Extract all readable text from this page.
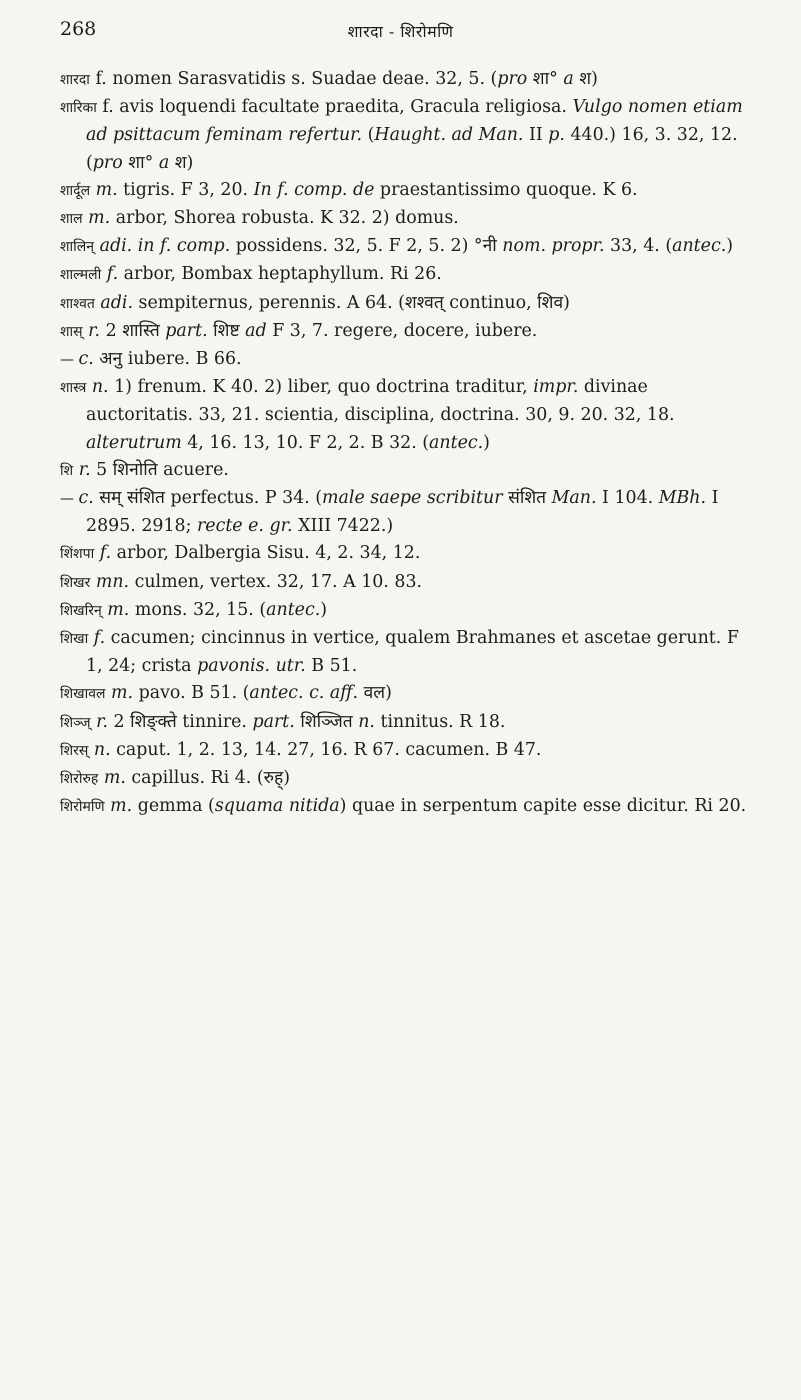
268	शारदा - शिरोमणि

शारदा f. nomen Sarasvatidis s. Suadae deae. 32, 5. (pro शा° a श)

शारिका f. avis loquendi facultate praedita, Gracula religiosa. Vulgo nomen etiam ad psittacum feminam refertur. (Haught. ad Man. II p. 440.) 16, 3. 32, 12. (pro शा° a श)

शार्दूल m. tigris. F 3, 20. In f. comp. de praestantissimo quoque. K 6.

शाल m. arbor, Shorea robusta. K 32. 2) domus.

शालिन् adi. in f. comp. possidens. 32, 5. F 2, 5. 2) °नी nom. propr. 33, 4. (antec.)

शाल्मली f. arbor, Bombax heptaphyllum. Ri 26.

शाश्वत adi. sempiternus, perennis. A 64. (शश्वत् continuo, शिव)

शास् r. 2 शास्ति part. शिष्ट ad F 3, 7. regere, docere, iubere.

— c. अनु iubere. B 66.

शास्त्र n. 1) frenum. K 40. 2) liber, quo doctrina traditur, impr. divinae auctoritatis. 33, 21. scientia, disciplina, doctrina. 30, 9. 20. 32, 18. alterutrum 4, 16. 13, 10. F 2, 2. B 32. (antec.)

शि r. 5 शिनोति acuere.

— c. सम् संशित perfectus. P 34. (male saepe scribitur संशित Man. I 104. MBh. I 2895. 2918; recte e. gr. XIII 7422.)

शिंशपा f. arbor, Dalbergia Sisu. 4, 2. 34, 12.

शिखर mn. culmen, vertex. 32, 17. A 10. 83.

शिखरिन् m. mons. 32, 15. (antec.)

शिखा f. cacumen; cincinnus in vertice, qualem Brahmanes et ascetae gerunt. F 1, 24; crista pavonis. utr. B 51.

शिखावल m. pavo. B 51. (antec. c. aff. वल)

शिञ्ज् r. 2 शिङ्क्ते tinnire. part. शिञ्जित n. tinnitus. R 18.

शिरस् n. caput. 1, 2. 13, 14. 27, 16. R 67. cacumen. B 47.

शिरोरुह m. capillus. Ri 4. (रुह्)

शिरोमणि m. gemma (squama nitida) quae in serpentum capite esse dicitur. Ri 20.
